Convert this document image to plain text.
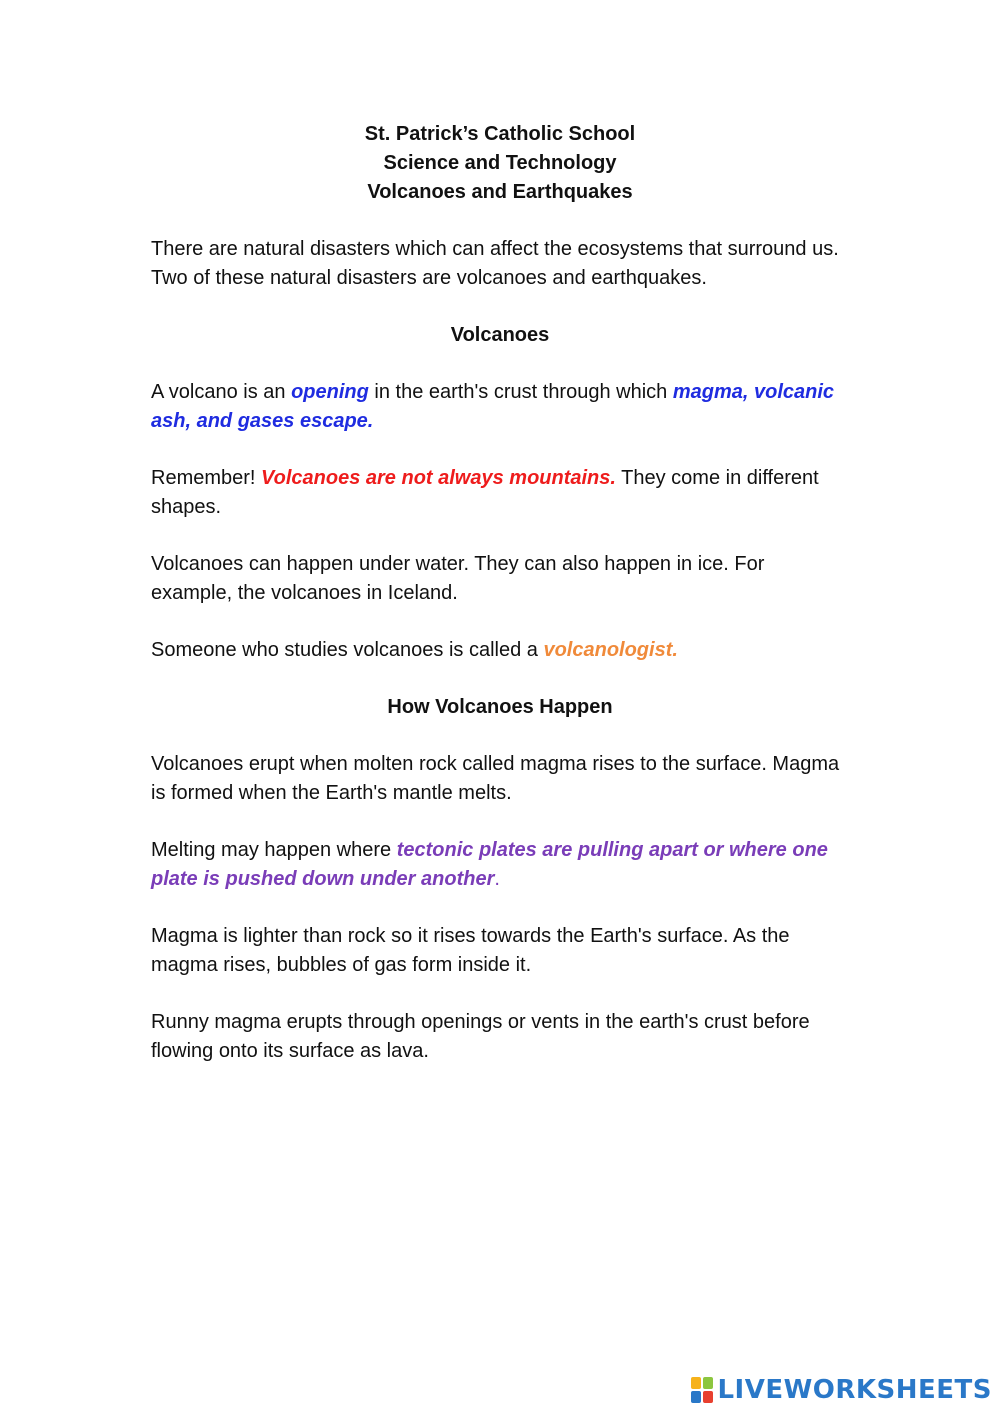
St. Patrick’s Catholic School
Science and Technology
Volcanoes and Earthquakes

There are natural disasters which can affect the ecosystems that surround us. Two of these natural disasters are volcanoes and earthquakes.

Volcanoes

A volcano is an opening in the earth's crust through which magma, volcanic ash, and gases escape.

Remember! Volcanoes are not always mountains. They come in different shapes.

Volcanoes can happen under water. They can also happen in ice. For example, the volcanoes in Iceland.

Someone who studies volcanoes is called a volcanologist.

How Volcanoes Happen

Volcanoes erupt when molten rock called magma rises to the surface. Magma is formed when the Earth's mantle melts.

Melting may happen where tectonic plates are pulling apart or where one plate is pushed down under another.

Magma is lighter than rock so it rises towards the Earth's surface. As the magma rises, bubbles of gas form inside it.

Runny magma erupts through openings or vents in the earth's crust before flowing onto its surface as lava.

LIVEWORKSHEETS
